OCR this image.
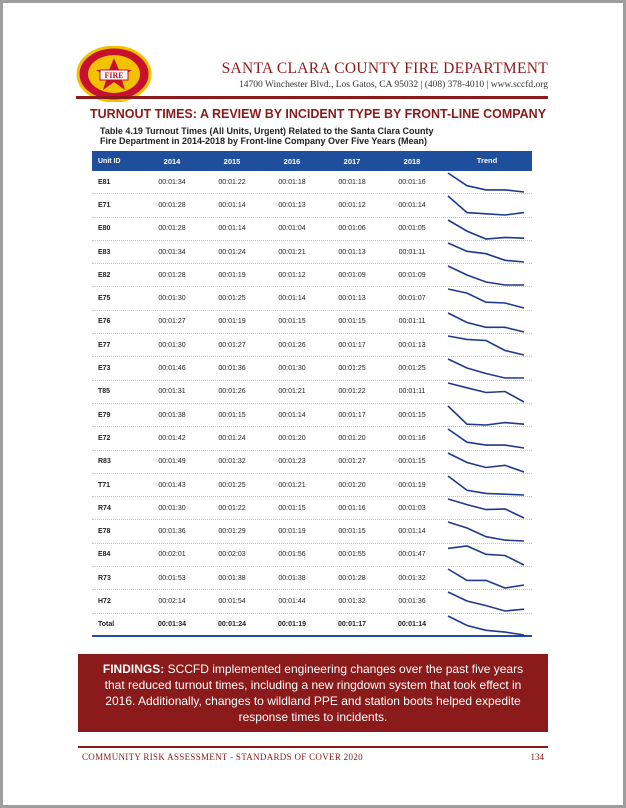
FIRE	SANTA CLARA COUNTY FIRE DEPARTMENT
14700 Winchester Blvd., Los Gatos, CA 95032 | (408) 378-4010 | www.sccfd.org
TURNOUT TIMES: A REVIEW BY INCIDENT TYPE BY FRONT-LINE COMPANY
Table 4.19 Turnout Times (All Units, Urgent) Related to the Santa Clara County
Fire Department in 2014-2018 by Front-line Company Over Five Years (Mean)
Unit ID	2014	2015	2016	2017	2018	Trend
E81	00:01:34	00:01:22	00:01:18	00:01:18	00:01:16
E71	00:01:28	00:01:14	00:01:13	00:01:12	00:01:14
E80	00:01:28	00:01:14	00:01:04	00:01:06	00:01:05
E83	00:01:34	00:01:24	00:01:21	00:01:13	00:01:11
E82	00:01:28	00:01:19	00:01:12	00:01:09	00:01:09
E75	00:01:30	00:01:25	00:01:14	00:01:13	00:01:07
E76	00:01:27	00:01:19	00:01:15	00:01:15	00:01:11
E77	00:01:30	00:01:27	00:01:26	00:01:17	00:01:13
E73	00:01:46	00:01:36	00:01:30	00:01:25	00:01:25
T85	00:01:31	00:01:26	00:01:21	00:01:22	00:01:11
E79	00:01:38	00:01:15	00:01:14	00:01:17	00:01:15
E72	00:01:42	00:01:24	00:01:20	00:01:20	00:01:16
R83	00:01:49	00:01:32	00:01:23	00:01:27	00:01:15
T71	00:01:43	00:01:25	00:01:21	00:01:20	00:01:19
R74	00:01:30	00:01:22	00:01:15	00:01:16	00:01:03
E78	00:01:36	00:01:29	00:01:19	00:01:15	00:01:14
E84	00:02:01	00:02:03	00:01:56	00:01:55	00:01:47
R73	00:01:53	00:01:38	00:01:38	00:01:28	00:01:32
H72	00:02:14	00:01:54	00:01:44	00:01:32	00:01:36
Total	00:01:34	00:01:24	00:01:19	00:01:17	00:01:14
FINDINGS: SCCFD implemented engineering changes over the past five years that reduced turnout times, including a new ringdown system that took effect in 2016. Additionally, changes to wildland PPE and station boots helped expedite response times to incidents.
COMMUNITY RISK ASSESSMENT - STANDARDS OF COVER 2020	134
